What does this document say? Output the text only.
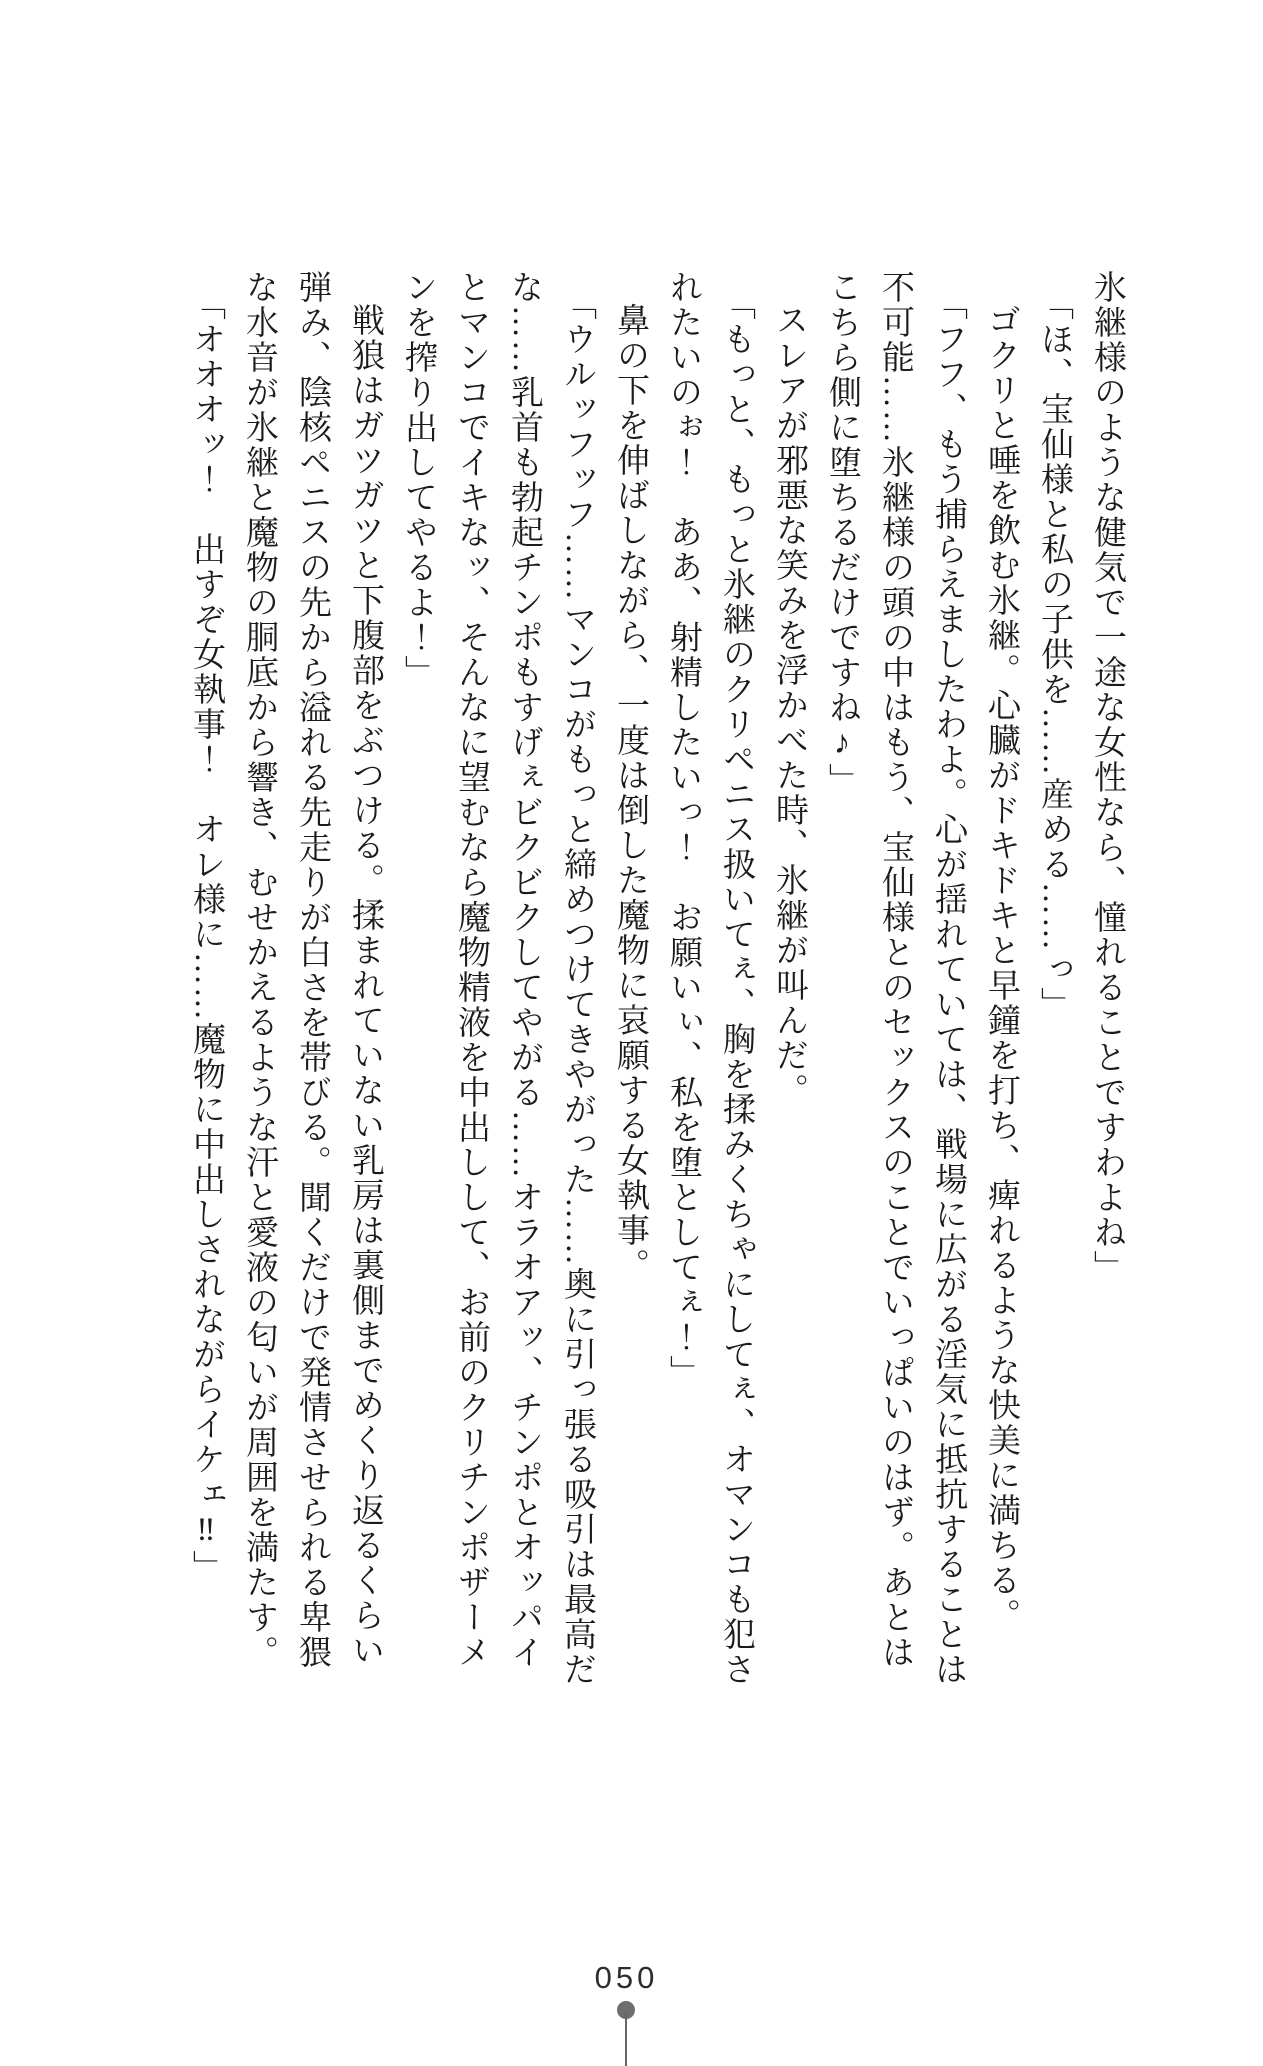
氷継様のような健気で一途な女性なら、憧れることですわよね」

「ほ、宝仙様と私の子供を……産める……っ」

ゴクリと唾を飲む氷継。心臓がドキドキと早鐘を打ち、痺れるような快美に満ちる。

「フフ、もう捕らえましたわよ。心が揺れていては、戦場に広がる淫気に抵抗することは

不可能……氷継様の頭の中はもう、宝仙様とのセックスのことでいっぱいのはず。あとは

こちら側に堕ちるだけですね♪」

スレアが邪悪な笑みを浮かべた時、氷継が叫んだ。

「もっと、もっと氷継のクリペニス扱いてぇ、胸を揉みくちゃにしてぇ、オマンコも犯さ

れたいのぉ！　ああ、射精したいっ！　お願いぃ、私を堕としてぇ！」

鼻の下を伸ばしながら、一度は倒した魔物に哀願する女執事。

「ウルッフッフ……マンコがもっと締めつけてきやがった……奥に引っ張る吸引は最高だ

な……乳首も勃起チンポもすげぇビクビクしてやがる……オラオアッ、チンポとオッパイ

とマンコでイキなッ、そんなに望むなら魔物精液を中出しして、お前のクリチンポザーメ

ンを搾り出してやるよ！」

戦狼はガツガツと下腹部をぶつける。揉まれていない乳房は裏側までめくり返るくらい

弾み、陰核ペニスの先から溢れる先走りが白さを帯びる。聞くだけで発情させられる卑猥

な水音が氷継と魔物の胴底から響き、むせかえるような汗と愛液の匂いが周囲を満たす。

「オオオッ！　出すぞ女執事！　オレ様に……魔物に中出しされながらイケェ‼」

050
